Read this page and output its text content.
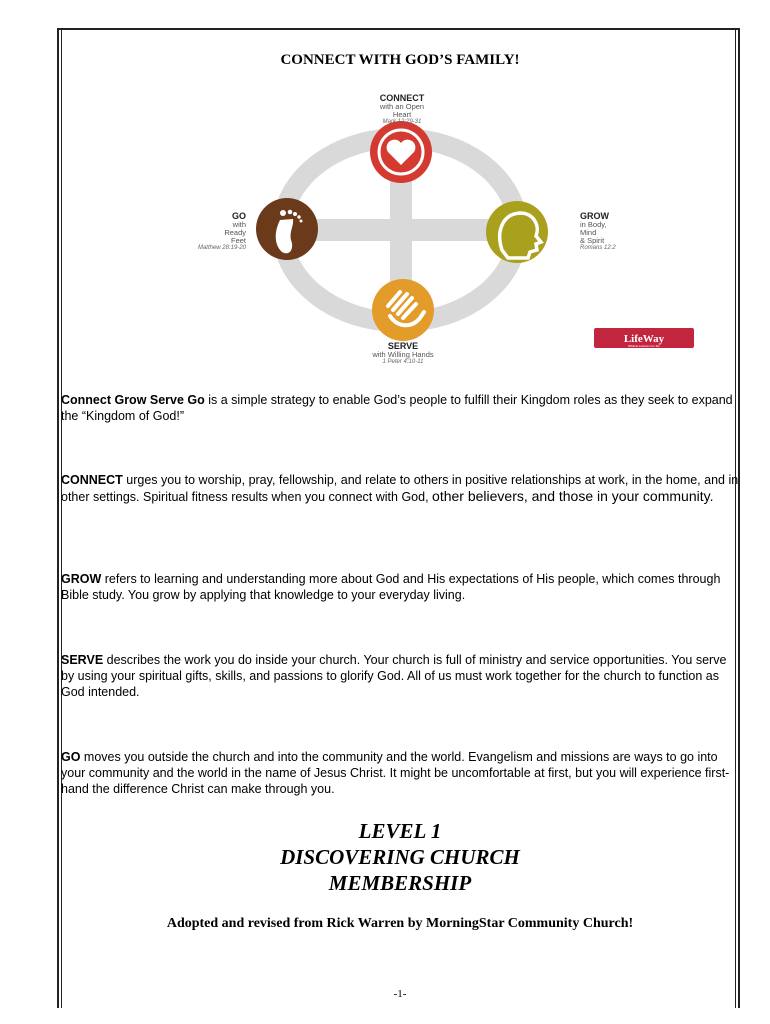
CONNECT WITH GOD’S FAMILY!
LifeWay
Biblical solutions for life
CONNECT
with an Open Heart
Mark 12:29-31
GROW
in Body,
Mind
& Spirit
Romans 12:2
GO
with
Ready
Feet
Matthew 28:19-20
SERVE
with Willing Hands
1 Peter 4:10-11
Connect Grow Serve Go is a simple strategy to enable God’s people to fulfill their Kingdom roles as they seek to expand the “Kingdom of God!”
CONNECT urges you to worship, pray, fellowship, and relate to others in positive relationships at work, in the home, and in other settings. Spiritual fitness results when you connect with God, other believers, and those in your community.
GROW refers to learning and understanding more about God and His expectations of His people, which comes through Bible study. You grow by applying that knowledge to your everyday living.
SERVE describes the work you do inside your church. Your church is full of ministry and service opportunities. You serve by using your spiritual gifts, skills, and passions to glorify God. All of us must work together for the church to function as God intended.
GO moves you outside the church and into the community and the world. Evangelism and missions are ways to go into your community and the world in the name of Jesus Christ. It might be uncomfortable at first, but you will experience first-hand the difference Christ can make through you.
LEVEL 1
DISCOVERING CHURCH
MEMBERSHIP
Adopted and revised from Rick Warren by MorningStar Community Church!
-1-
